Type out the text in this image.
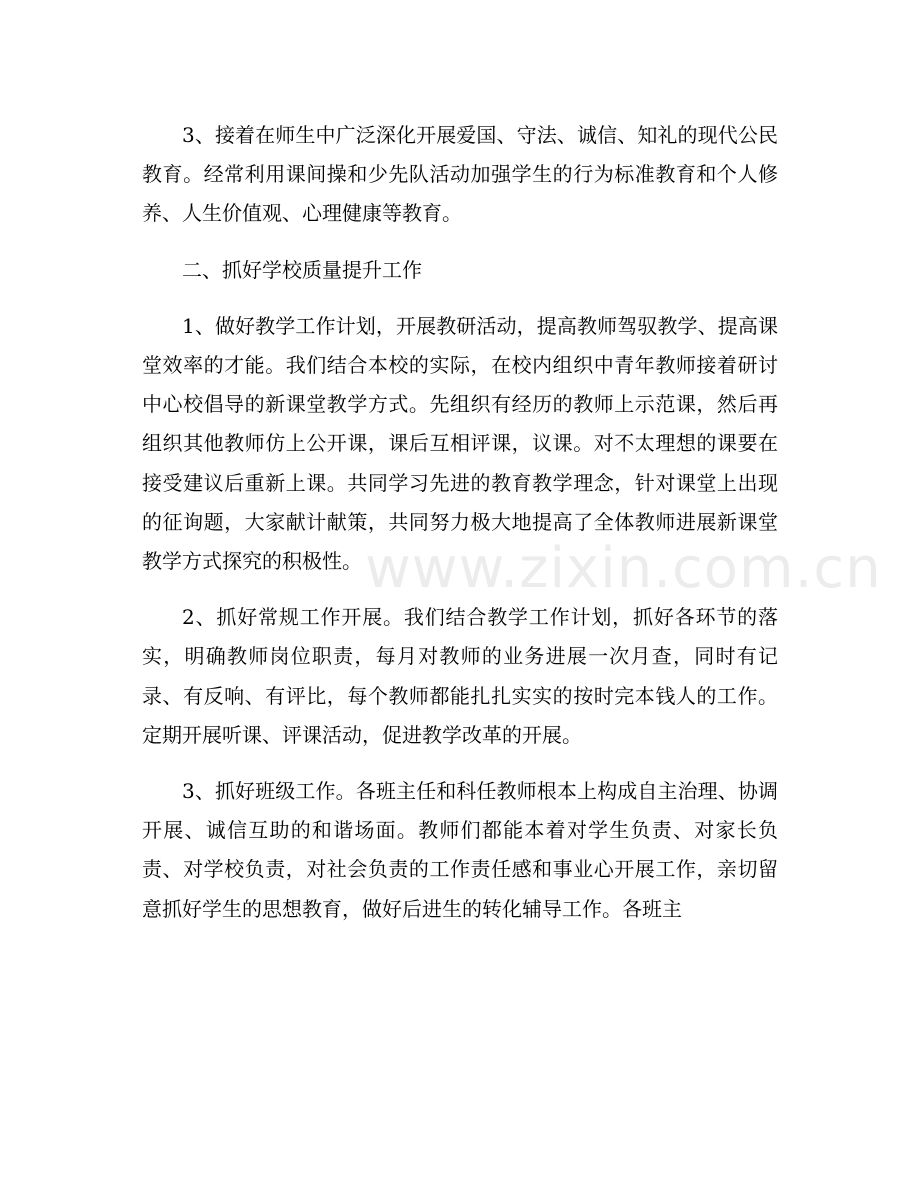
3、接着在师生中广泛深化开展爱国、守法、诚信、知礼的现代公民教育。经常利用课间操和少先队活动加强学生的行为标准教育和个人修养、人生价值观、心理健康等教育。

二、抓好学校质量提升工作

1、做好教学工作计划，开展教研活动，提高教师驾驭教学、提高课堂效率的才能。我们结合本校的实际，在校内组织中青年教师接着研讨中心校倡导的新课堂教学方式。先组织有经历的教师上示范课，然后再组织其他教师仿上公开课，课后互相评课，议课。对不太理想的课要在接受建议后重新上课。共同学习先进的教育教学理念，针对课堂上出现的征询题，大家献计献策，共同努力极大地提高了全体教师进展新课堂教学方式探究的积极性。

2、抓好常规工作开展。我们结合教学工作计划，抓好各环节的落实，明确教师岗位职责，每月对教师的业务进展一次月查，同时有记录、有反响、有评比，每个教师都能扎扎实实的按时完本钱人的工作。定期开展听课、评课活动，促进教学改革的开展。

3、抓好班级工作。各班主任和科任教师根本上构成自主治理、协调开展、诚信互助的和谐场面。教师们都能本着对学生负责、对家长负责、对学校负责，对社会负责的工作责任感和事业心开展工作，亲切留意抓好学生的思想教育，做好后进生的转化辅导工作。各班主

www.zixin.com.cn
